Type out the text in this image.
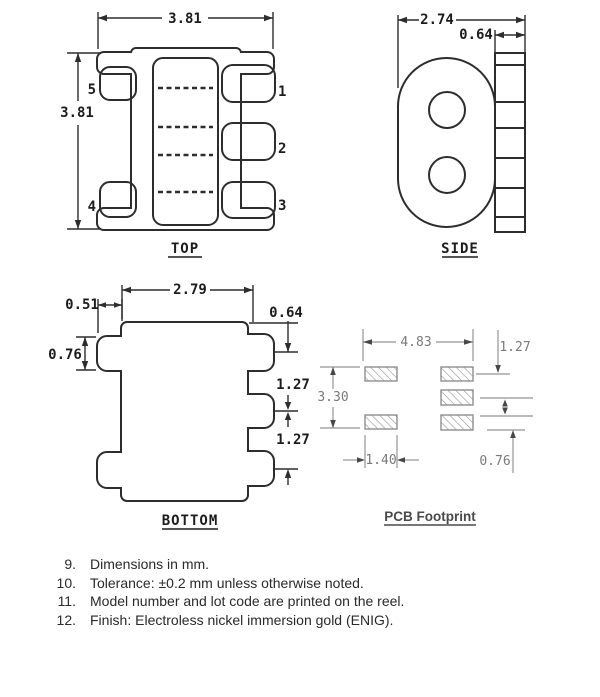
3.81
3.81
5
4
1
2
3
TOP
2.74
0.64
SIDE
2.79
0.51
0.76
0.64
1.27
1.27
BOTTOM
4.83	1.27
3.30
1.40	0.76
PCB Footprint
9. Dimensions in mm.
10. Tolerance: ±0.2 mm unless otherwise noted.
11. Model number and lot code are printed on the reel.
12. Finish: Electroless nickel immersion gold (ENIG).
